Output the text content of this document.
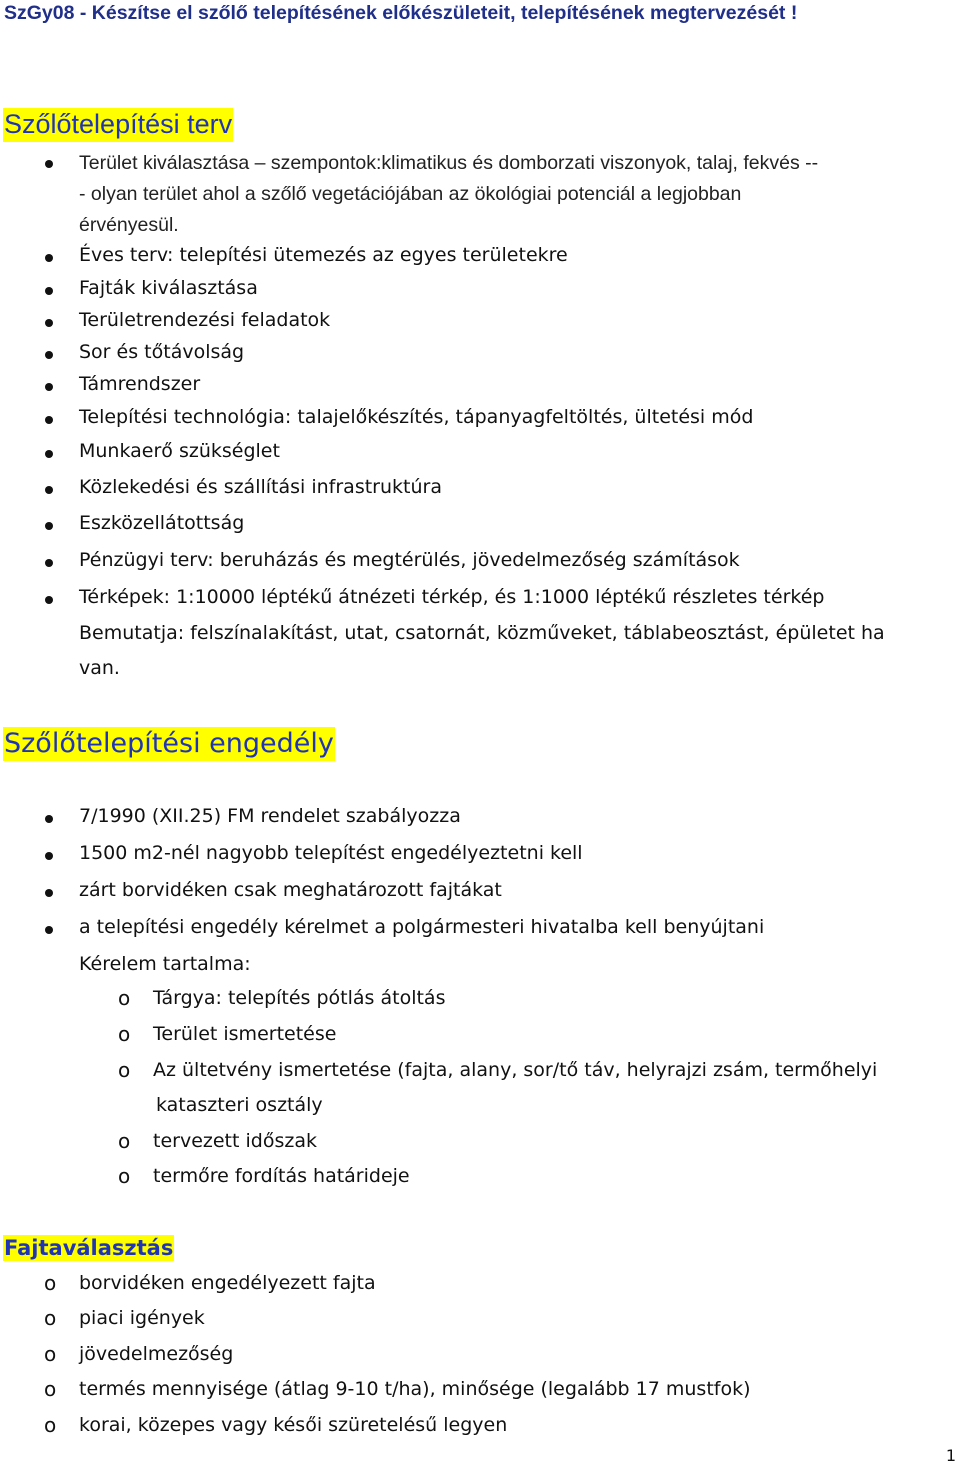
SzGy08 - Készítse el szőlő telepítésének előkészületeit, telepítésének megtervezését !
Szőlőtelepítési terv
Terület kiválasztása – szempontok:klimatikus és domborzati viszonyok, talaj, fekvés --
- olyan terület ahol a szőlő vegetációjában az ökológiai potenciál a legjobban
érvényesül.
Éves terv: telepítési ütemezés az egyes területekre
Fajták kiválasztása
Területrendezési feladatok
Sor és tőtávolság
Támrendszer
Telepítési technológia: talajelőkészítés, tápanyagfeltöltés, ültetési mód
Munkaerő szükséglet
Közlekedési és szállítási infrastruktúra
Eszközellátottság
Pénzügyi terv: beruházás és megtérülés, jövedelmezőség számítások
Térképek: 1:10000 léptékű átnézeti térkép, és 1:1000 léptékű részletes térkép
Bemutatja: felszínalakítást, utat, csatornát, közműveket, táblabeosztást, épületet ha
van.
Szőlőtelepítési engedély
7/1990 (XII.25) FM rendelet szabályozza
1500 m2-nél nagyobb telepítést engedélyeztetni kell
zárt borvidéken csak meghatározott fajtákat
a telepítési engedély kérelmet a polgármesteri hivatalba kell benyújtani
Kérelem tartalma:
o Tárgya: telepítés pótlás átoltás
o Terület ismertetése
o Az ültetvény ismertetése (fajta, alany, sor/tő táv, helyrajzi zsám, termőhelyi
kataszteri osztály
o tervezett időszak
o termőre fordítás határideje
Fajtaválasztás
o borvidéken engedélyezett fajta
o piaci igények
o jövedelmezőség
o termés mennyisége (átlag 9-10 t/ha), minősége (legalább 17 mustfok)
o korai, közepes vagy késői szüretelésű legyen
1
